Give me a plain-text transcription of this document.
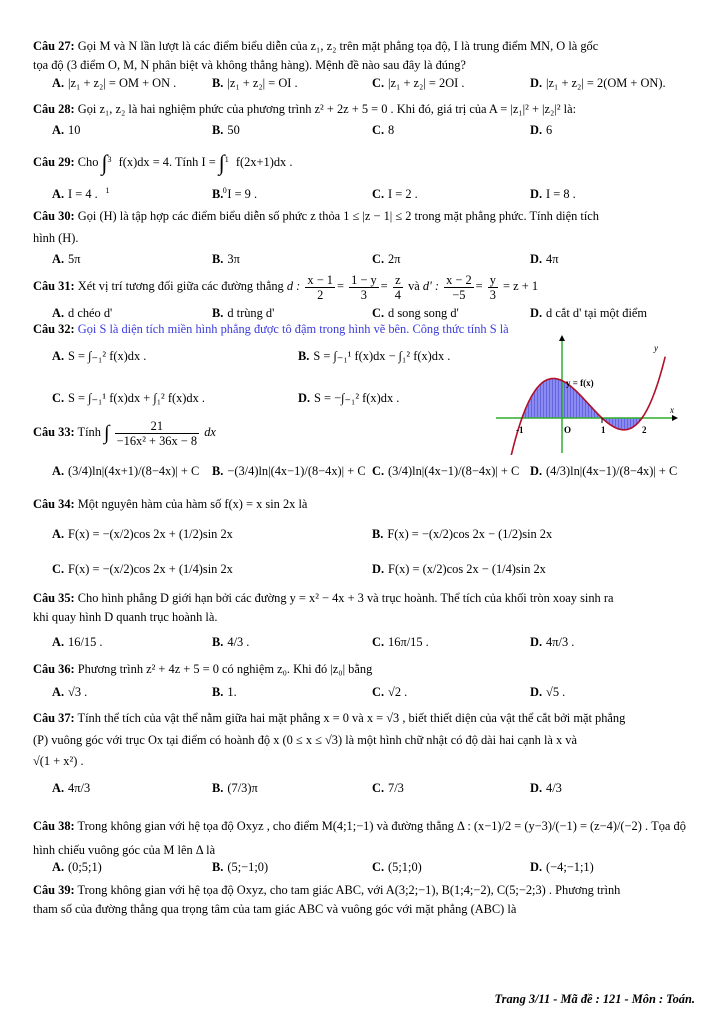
Câu 27: Gọi M và N lần lượt là các điểm biểu diễn của z₁, z₂ trên mặt phẳng tọa độ, I là trung điểm MN, O là gốc
tọa độ (3 điểm O, M, N phân biệt và không thẳng hàng). Mệnh đề nào sau đây là đúng?
A. |z₁ + z₂| = OM + ON .	B. |z₁ + z₂| = OI .	C. |z₁ + z₂| = 2OI .	D. |z₁ + z₂| = 2(OM + ON).
Câu 28: Gọi z₁, z₂ là hai nghiệm phức của phương trình z² + 2z + 5 = 0 . Khi đó, giá trị của A = |z₁|² + |z₂|² là:
A. 10	B. 50	C. 8	D. 6
Câu 29: Cho ∫ 3
1
f(x)dx = 4. Tính I = ∫ 1
0
f(2x+1)dx .
A. I = 4 .	B. I = 9 .	C. I = 2 .	D. I = 8 .
Câu 30: Gọi (H) là tập hợp các điểm biểu diễn số phức z thỏa 1 ≤ |z − 1| ≤ 2 trong mặt phẳng phức. Tính diện tích
hình (H).
A. 5π	B. 3π	C. 2π	D. 4π
Câu 31: Xét vị trí tương đối giữa các đường thẳng d : $\frac{x - 1}{2} = \frac{1 - y}{3} = \frac{z}{4}$ và d' : $\frac{x - 2}{-5} = \frac{y}{3} = z + 1$
A. d chéo d'	B. d trùng d'	C. d song song d'	D. d cắt d' tại một điểm
Câu 32: Gọi S là diện tích miền hình phẳng được tô đậm trong hình vẽ bên. Công thức tính S là
A. S = ∫₋₁² f(x)dx .	B. S = ∫₋₁¹ f(x)dx − ∫₁² f(x)dx .
C. S = ∫₋₁¹ f(x)dx + ∫₁² f(x)dx .	D. S = −∫₋₁² f(x)dx .
y
x
y = f(x)
-1	O	1	2
Câu 33: Tính ∫ $\frac{21}{\text{−16x² + 36x − 8}}$ dx
A. (3/4)ln|(4x+1)/(8−4x)| + C B. −(3/4)ln|(4x−1)/(8−4x)| + C C. (3/4)ln|(4x−1)/(8−4x)| + C D. (4/3)ln|(4x−1)/(8−4x)| + C
Câu 34: Một nguyên hàm của hàm số f(x) = x sin 2x là
A. F(x) = −(x/2)cos 2x + (1/2)sin 2x	B. F(x) = −(x/2)cos 2x − (1/2)sin 2x
C. F(x) = −(x/2)cos 2x + (1/4)sin 2x	D. F(x) = (x/2)cos 2x − (1/4)sin 2x
Câu 35: Cho hình phẳng D giới hạn bởi các đường y = x² − 4x + 3 và trục hoành. Thể tích của khối tròn xoay sinh ra
khi quay hình D quanh trục hoành là.
A. 16/15 .	B. 4/3 .	C. 16π/15 .	D. 4π/3 .
Câu 36: Phương trình z² + 4z + 5 = 0 có nghiệm z₀. Khi đó |z₀| bằng
A. √3 .	B. 1.	C. √2 .	D. √5 .
Câu 37: Tính thể tích của vật thể nằm giữa hai mặt phẳng x = 0 và x = √3 , biết thiết diện của vật thể cắt bởi mặt phẳng
(P) vuông góc với trục Ox tại điểm có hoành độ x (0 ≤ x ≤ √3) là một hình chữ nhật có độ dài hai cạnh là x và
√(1 + x²) .
A. 4π/3	B. (7/3)π	C. 7/3	D. 4/3
Câu 38: Trong không gian với hệ tọa độ Oxyz , cho điểm M(4;1;−1) và đường thẳng Δ : (x−1)/2 = (y−3)/(−1) = (z−4)/(−2) . Tọa độ
hình chiếu vuông góc của M lên Δ là
A. (0;5;1)	B. (5;−1;0)	C. (5;1;0)	D. (−4;−1;1)
Câu 39: Trong không gian với hệ tọa độ Oxyz, cho tam giác ABC, với A(3;2;−1), B(1;4;−2), C(5;−2;3) . Phương trình
tham số của đường thẳng qua trọng tâm của tam giác ABC và vuông góc với mặt phẳng (ABC) là
Trang 3/11 - Mã đề : 121 - Môn : Toán.
